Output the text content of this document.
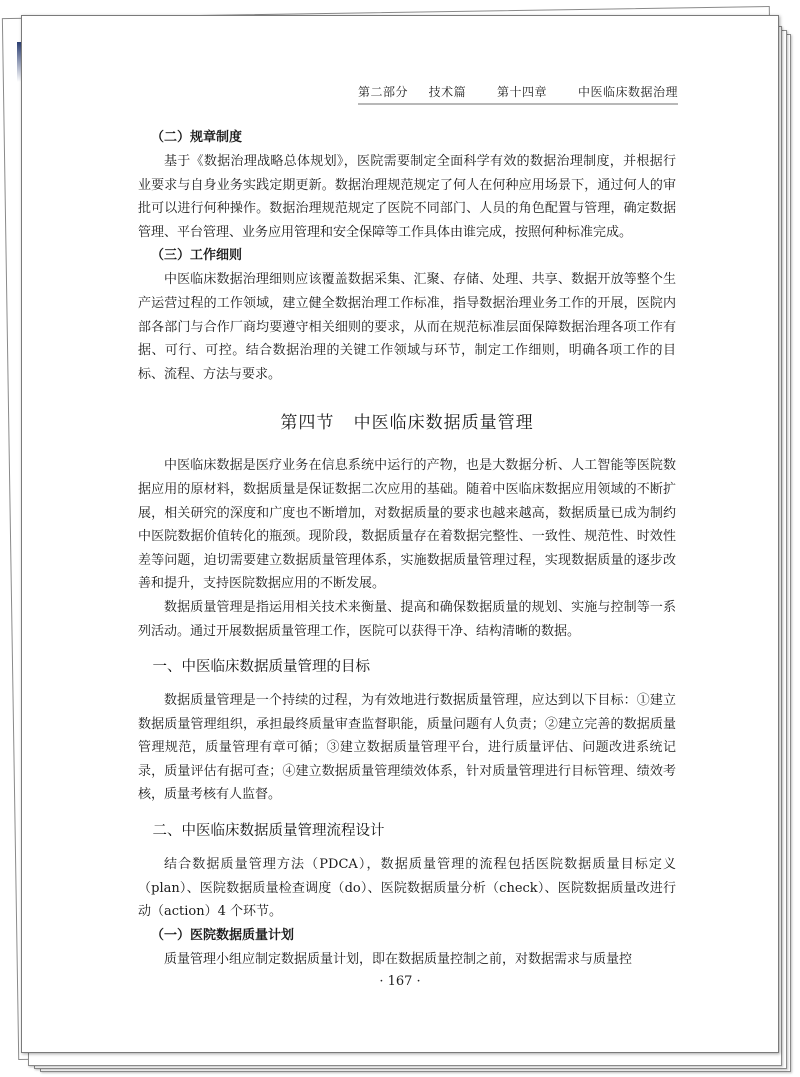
第二部分  技术篇   第十四章   中医临床数据治理
（二）规章制度

基于《数据治理战略总体规划》，医院需要制定全面科学有效的数据治理制度，并根据行业要求与自身业务实践定期更新。数据治理规范规定了何人在何种应用场景下，通过何人的审批可以进行何种操作。数据治理规范规定了医院不同部门、人员的角色配置与管理，确定数据管理、平台管理、业务应用管理和安全保障等工作具体由谁完成，按照何种标准完成。

（三）工作细则

中医临床数据治理细则应该覆盖数据采集、汇聚、存储、处理、共享、数据开放等整个生产运营过程的工作领域，建立健全数据治理工作标准，指导数据治理业务工作的开展，医院内部各部门与合作厂商均要遵守相关细则的要求，从而在规范标准层面保障数据治理各项工作有据、可行、可控。结合数据治理的关键工作领域与环节，制定工作细则，明确各项工作的目标、流程、方法与要求。

第四节   中医临床数据质量管理

中医临床数据是医疗业务在信息系统中运行的产物，也是大数据分析、人工智能等医院数据应用的原材料，数据质量是保证数据二次应用的基础。随着中医临床数据应用领域的不断扩展，相关研究的深度和广度也不断增加，对数据质量的要求也越来越高，数据质量已成为制约中医院数据价值转化的瓶颈。现阶段，数据质量存在着数据完整性、一致性、规范性、时效性差等问题，迫切需要建立数据质量管理体系，实施数据质量管理过程，实现数据质量的逐步改善和提升，支持医院数据应用的不断发展。

数据质量管理是指运用相关技术来衡量、提高和确保数据质量的规划、实施与控制等一系列活动。通过开展数据质量管理工作，医院可以获得干净、结构清晰的数据。

一、中医临床数据质量管理的目标

数据质量管理是一个持续的过程，为有效地进行数据质量管理，应达到以下目标：①建立数据质量管理组织，承担最终质量审查监督职能，质量问题有人负责；②建立完善的数据质量管理规范，质量管理有章可循；③建立数据质量管理平台，进行质量评估、问题改进系统记录，质量评估有据可查；④建立数据质量管理绩效体系，针对质量管理进行目标管理、绩效考核，质量考核有人监督。

二、中医临床数据质量管理流程设计

结合数据质量管理方法（PDCA），数据质量管理的流程包括医院数据质量目标定义（plan）、医院数据质量检查调度（do）、医院数据质量分析（check）、医院数据质量改进行动（action）4 个环节。

（一）医院数据质量计划

质量管理小组应制定数据质量计划，即在数据质量控制之前，对数据需求与质量控

· 167 ·
